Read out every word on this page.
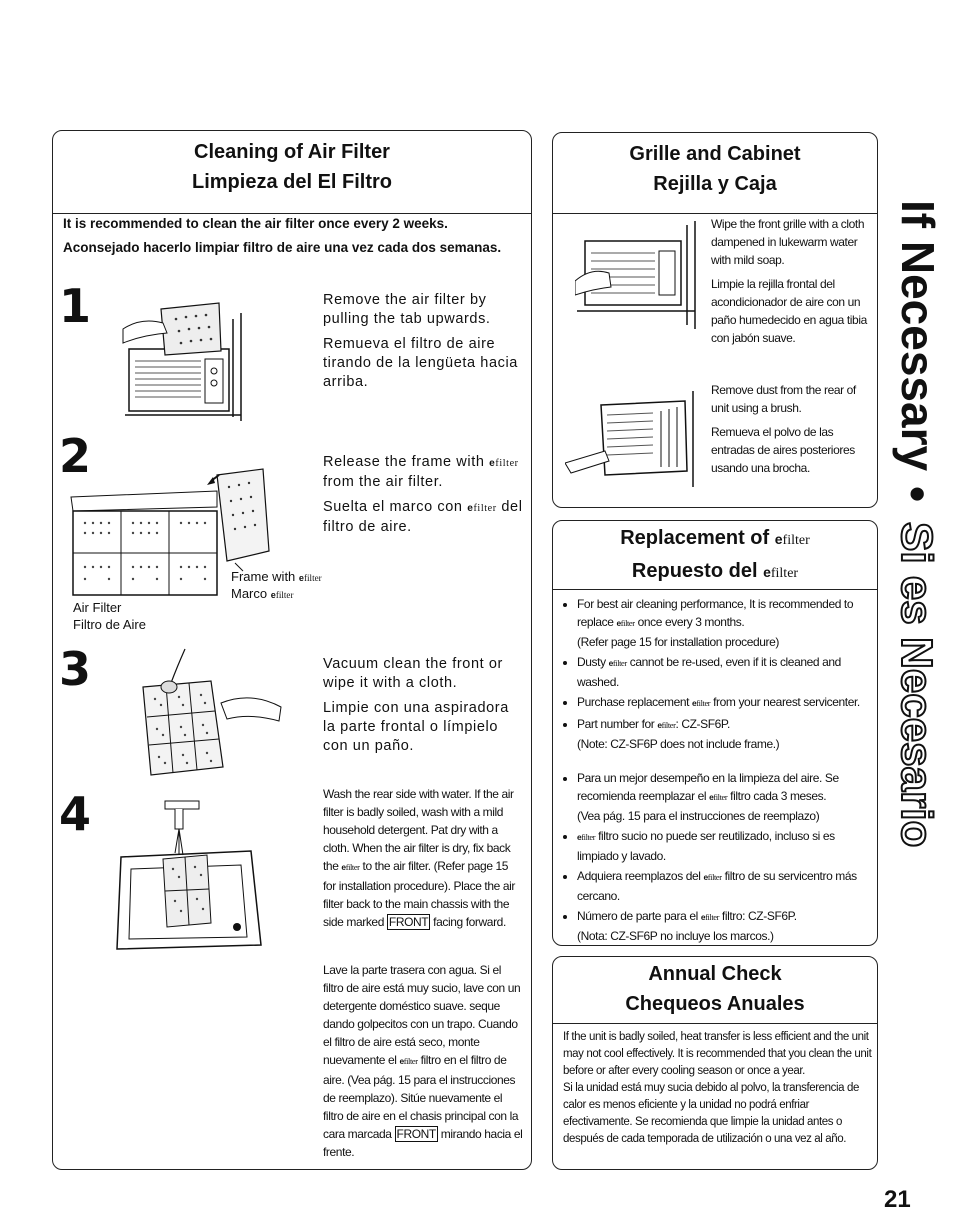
Cleaning of Air Filter
Limpieza del El Filtro
It is recommended to clean the air filter once every 2 weeks.
Aconsejado hacerlo limpiar filtro de aire una vez cada dos semanas.
1	Remove the air filter by pulling the tab upwards.

Remueva el filtro de aire tirando de la lengüeta hacia arriba.

2	Release the frame with efilter from the air filter.

Suelta el marco con efilter del filtro de aire.

Frame with efilter
Marco efilter
Air Filter
Filtro de Aire
3	Vacuum clean the front or wipe it with a cloth.

Limpie con una aspiradora la parte frontal o límpielo con un paño.

4	Wash the rear side with water. If the air filter is badly soiled, wash with a mild household detergent. Pat dry with a cloth. When the air filter is dry, fix back the efilter to the air filter. (Refer page 15 for installation procedure). Place the air filter back to the main chassis with the side marked FRONT facing forward.
Lave la parte trasera con agua. Si el filtro de aire está muy sucio, lave con un detergente doméstico suave. seque dando golpecitos con un trapo. Cuando el filtro de aire está seco, monte nuevamente el efilter filtro en el filtro de aire. (Vea pág. 15 para el instrucciones de reemplazo). Sitúe nuevamente el filtro de aire en el chasis principal con la cara marcada FRONT mirando hacia el frente.
Grille and Cabinet
Rejilla y Caja
Wipe the front grille with a cloth dampened in lukewarm water with mild soap.
Limpie la rejilla frontal del acondicionador de aire con un paño humedecido en agua tibia con jabón suave.
Remove dust from the rear of unit using a brush.
Remueva el polvo de las entradas de aires posteriores usando una brocha.
Replacement of efilter
Repuesto del efilter
• For best air cleaning performance, It is recommended to replace efilter once every 3 months.
(Refer page 15 for installation procedure)
• Dusty efilter cannot be re-used, even if it is cleaned and washed.
• Purchase replacement efilter from your nearest servicenter.
• Part number for efilter: CZ-SF6P.
(Note: CZ-SF6P does not include frame.)
• Para un mejor desempeño en la limpieza del aire. Se recomienda reemplazar el efilter filtro cada 3 meses.
(Vea pág. 15 para el instrucciones de reemplazo)
• efilter filtro sucio no puede ser reutilizado, incluso si es limpiado y lavado.
• Adquiera reemplazos del efilter filtro de su servicentro más cercano.
• Número de parte para el efilter filtro: CZ-SF6P.
(Nota: CZ-SF6P no incluye los marcos.)
Annual Check
Chequeos Anuales
If the unit is badly soiled, heat transfer is less efficient and the unit may not cool effectively. It is recommended that you clean the unit before or after every cooling season or once a year.
Si la unidad está muy sucia debido al polvo, la transferencia de calor es menos eficiente y la unidad no podrá enfriar efectivamente. Se recomienda que limpie la unidad antes o después de cada temporada de utilización o una vez al año.
If Necessary
•
Si es Necesario
21
